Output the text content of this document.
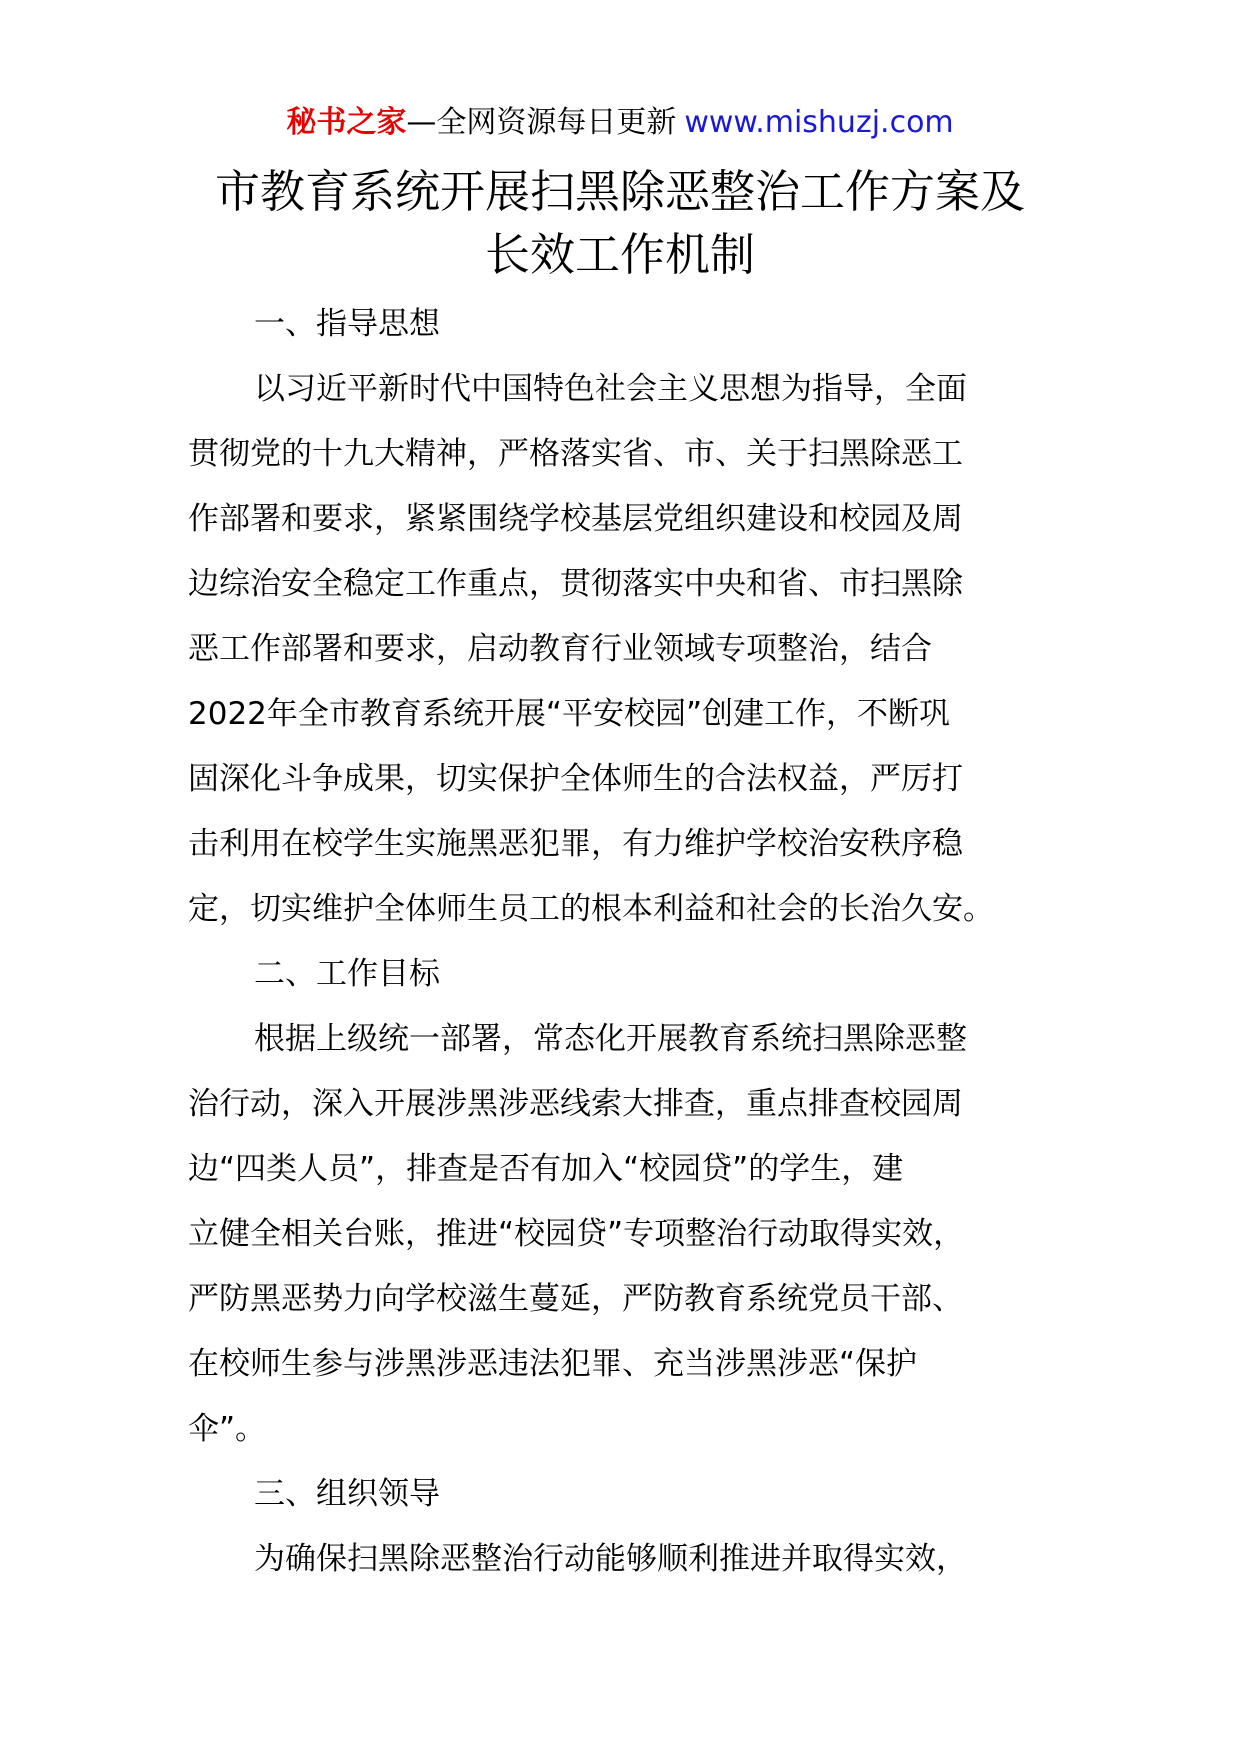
秘书之家—全网资源每日更新 www.mishuzj.com
市教育系统开展扫黑除恶整治工作方案及
长效工作机制
一、指导思想
以习近平新时代中国特色社会主义思想为指导，全面
贯彻党的十九大精神，严格落实省、市、关于扫黑除恶工
作部署和要求，紧紧围绕学校基层党组织建设和校园及周
边综治安全稳定工作重点，贯彻落实中央和省、市扫黑除
恶工作部署和要求，启动教育行业领域专项整治，结合
2022年全市教育系统开展“平安校园”创建工作，不断巩
固深化斗争成果，切实保护全体师生的合法权益，严厉打
击利用在校学生实施黑恶犯罪，有力维护学校治安秩序稳
定，切实维护全体师生员工的根本利益和社会的长治久安。
二、工作目标
根据上级统一部署，常态化开展教育系统扫黑除恶整
治行动，深入开展涉黑涉恶线索大排查，重点排查校园周
边“四类人员”，排查是否有加入“校园贷”的学生，建
立健全相关台账，推进“校园贷”专项整治行动取得实效，
严防黑恶势力向学校滋生蔓延，严防教育系统党员干部、
在校师生参与涉黑涉恶违法犯罪、充当涉黑涉恶“保护
伞”。
三、组织领导
为确保扫黑除恶整治行动能够顺利推进并取得实效，
